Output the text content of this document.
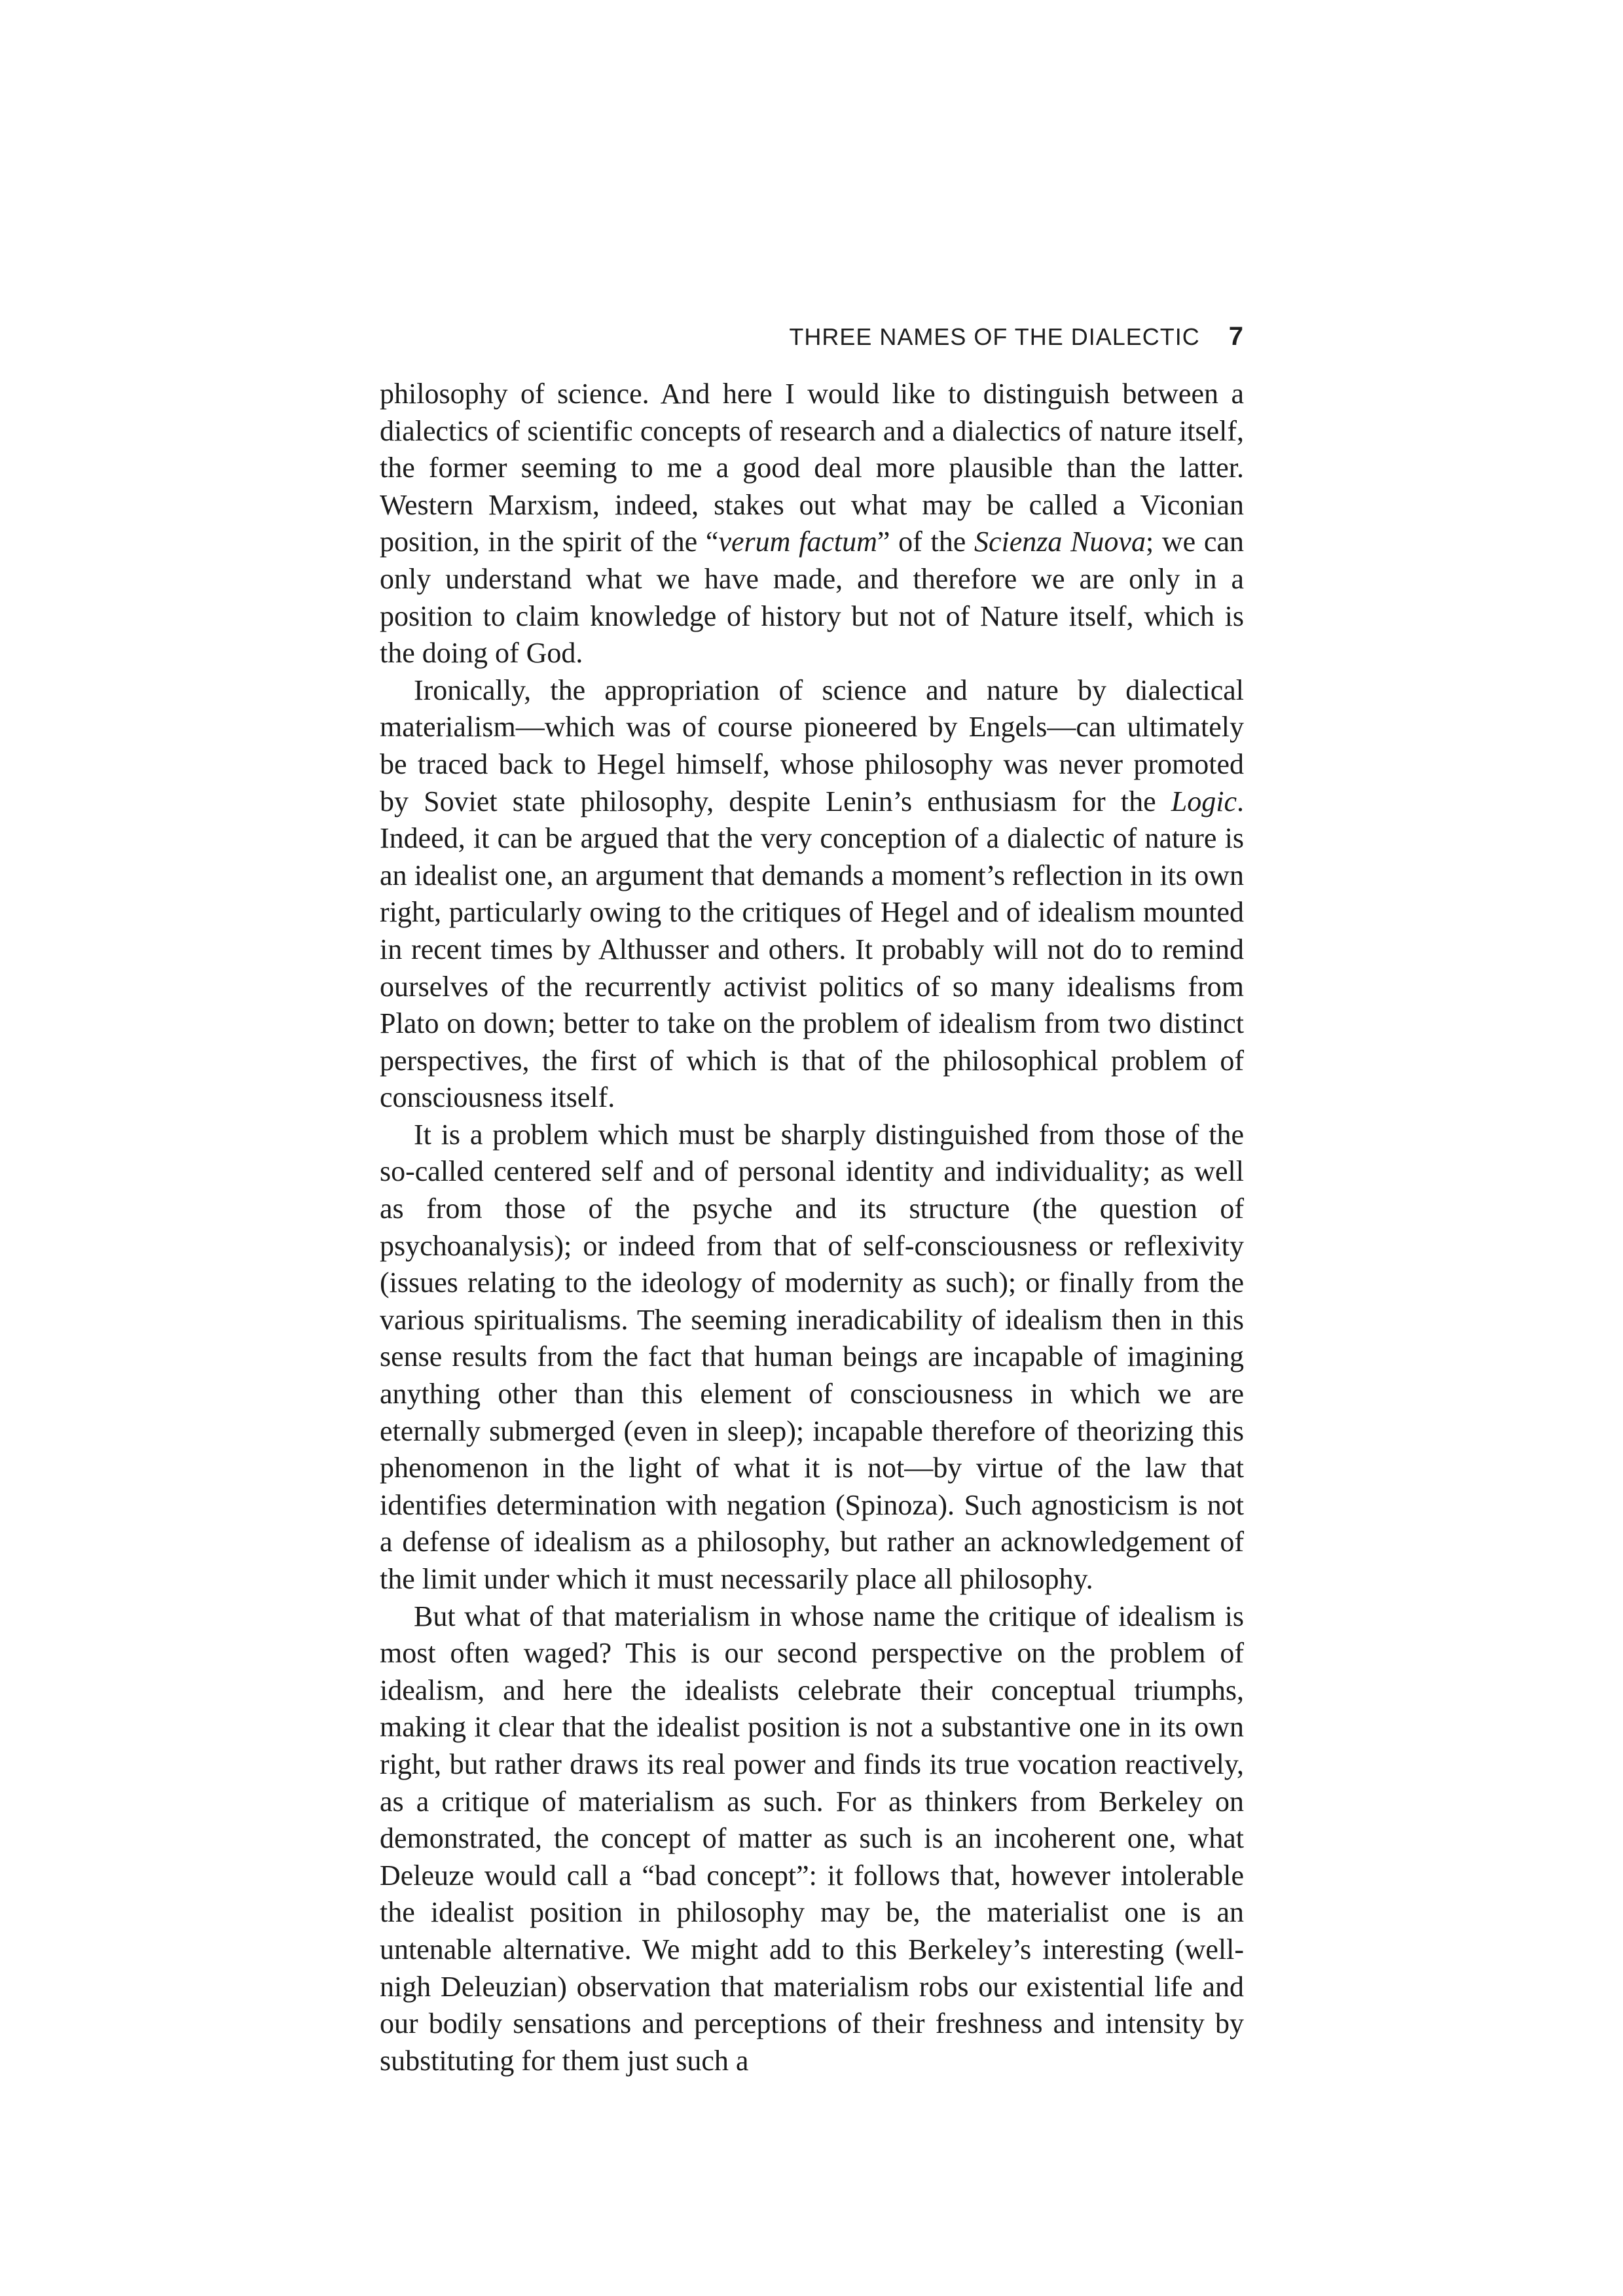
THREE NAMES OF THE DIALECTIC 7

philosophy of science. And here I would like to distinguish between a dialectics of scientific concepts of research and a dialectics of nature itself, the former seeming to me a good deal more plausible than the latter. Western Marxism, indeed, stakes out what may be called a Viconian position, in the spirit of the “verum factum” of the Scienza Nuova; we can only understand what we have made, and therefore we are only in a position to claim knowledge of history but not of Nature itself, which is the doing of God.

Ironically, the appropriation of science and nature by dialectical materialism—which was of course pioneered by Engels—can ultimately be traced back to Hegel himself, whose philosophy was never promoted by Soviet state philosophy, despite Lenin’s enthusiasm for the Logic. Indeed, it can be argued that the very conception of a dialectic of nature is an idealist one, an argument that demands a moment’s reflection in its own right, particularly owing to the critiques of Hegel and of idealism mounted in recent times by Althusser and others. It probably will not do to remind ourselves of the recurrently activist politics of so many idealisms from Plato on down; better to take on the problem of idealism from two distinct perspectives, the first of which is that of the philosophical problem of consciousness itself.

It is a problem which must be sharply distinguished from those of the so-called centered self and of personal identity and individuality; as well as from those of the psyche and its structure (the question of psychoanalysis); or indeed from that of self-consciousness or reflexivity (issues relating to the ideology of modernity as such); or finally from the various spiritualisms. The seeming ineradicability of idealism then in this sense results from the fact that human beings are incapable of imagining anything other than this element of consciousness in which we are eternally submerged (even in sleep); incapable therefore of theorizing this phenomenon in the light of what it is not—by virtue of the law that identifies determination with negation (Spinoza). Such agnosticism is not a defense of idealism as a philosophy, but rather an acknowledgement of the limit under which it must necessarily place all philosophy.

But what of that materialism in whose name the critique of idealism is most often waged? This is our second perspective on the problem of idealism, and here the idealists celebrate their conceptual triumphs, making it clear that the idealist position is not a substantive one in its own right, but rather draws its real power and finds its true vocation reactively, as a critique of materialism as such. For as thinkers from Berkeley on demonstrated, the concept of matter as such is an incoherent one, what Deleuze would call a “bad concept”: it follows that, however intolerable the idealist position in philosophy may be, the materialist one is an untenable alternative. We might add to this Berkeley’s interesting (well-nigh Deleuzian) observation that materialism robs our existential life and our bodily sensations and perceptions of their freshness and intensity by substituting for them just such a
